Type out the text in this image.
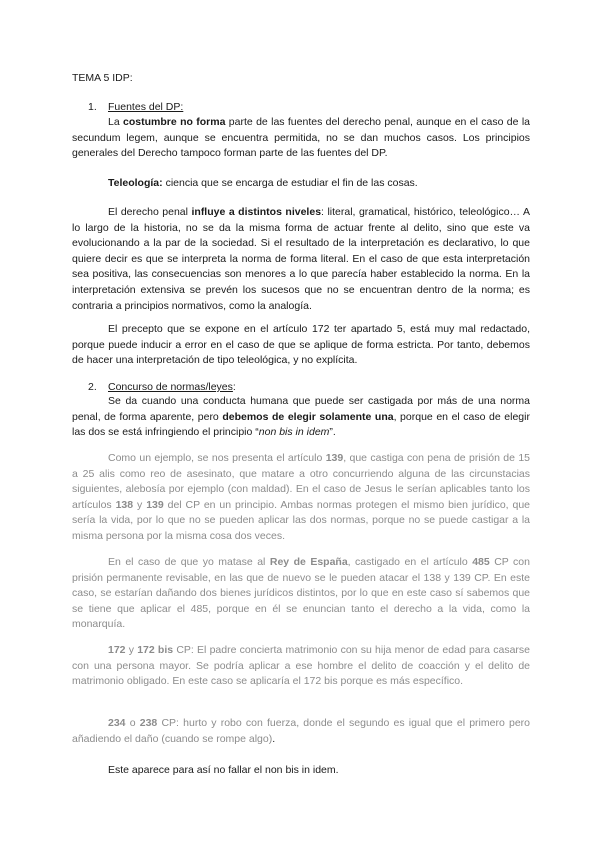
TEMA 5 IDP:
1. Fuentes del DP:

La costumbre no forma parte de las fuentes del derecho penal, aunque en el caso de la secundum legem, aunque se encuentra permitida, no se dan muchos casos. Los principios generales del Derecho tampoco forman parte de las fuentes del DP.

Teleología: ciencia que se encarga de estudiar el fin de las cosas.

El derecho penal influye a distintos niveles: literal, gramatical, histórico, teleológico… A lo largo de la historia, no se da la misma forma de actuar frente al delito, sino que este va evolucionando a la par de la sociedad. Si el resultado de la interpretación es declarativo, lo que quiere decir es que se interpreta la norma de forma literal. En el caso de que esta interpretación sea positiva, las consecuencias son menores a lo que parecía haber establecido la norma. En la interpretación extensiva se prevén los sucesos que no se encuentran dentro de la norma; es contraria a principios normativos, como la analogía.

El precepto que se expone en el artículo 172 ter apartado 5, está muy mal redactado, porque puede inducir a error en el caso de que se aplique de forma estricta. Por tanto, debemos de hacer una interpretación de tipo teleológica, y no explícita.

2. Concurso de normas/leyes:

Se da cuando una conducta humana que puede ser castigada por más de una norma penal, de forma aparente, pero debemos de elegir solamente una, porque en el caso de elegir las dos se está infringiendo el principio “non bis in idem”.

Como un ejemplo, se nos presenta el artículo 139, que castiga con pena de prisión de 15 a 25 alis como reo de asesinato, que matare a otro concurriendo alguna de las circunstacias siguientes, alebosía por ejemplo (con maldad). En el caso de Jesus le serían aplicables tanto los artículos 138 y 139 del CP en un principio. Ambas normas protegen el mismo bien jurídico, que sería la vida, por lo que no se pueden aplicar las dos normas, porque no se puede castigar a la misma persona por la misma cosa dos veces.

En el caso de que yo matase al Rey de España, castigado en el artículo 485 CP con prisión permanente revisable, en las que de nuevo se le pueden atacar el 138 y 139 CP. En este caso, se estarían dañando dos bienes jurídicos distintos, por lo que en este caso sí sabemos que se tiene que aplicar el 485, porque en él se enuncian tanto el derecho a la vida, como la monarquía.

172 y 172 bis CP: El padre concierta matrimonio con su hija menor de edad para casarse con una persona mayor. Se podría aplicar a ese hombre el delito de coacción y el delito de matrimonio obligado. En este caso se aplicaría el 172 bis porque es más específico.

234 o 238 CP: hurto y robo con fuerza, donde el segundo es igual que el primero pero añadiendo el daño (cuando se rompe algo).

Este aparece para así no fallar el non bis in idem.
